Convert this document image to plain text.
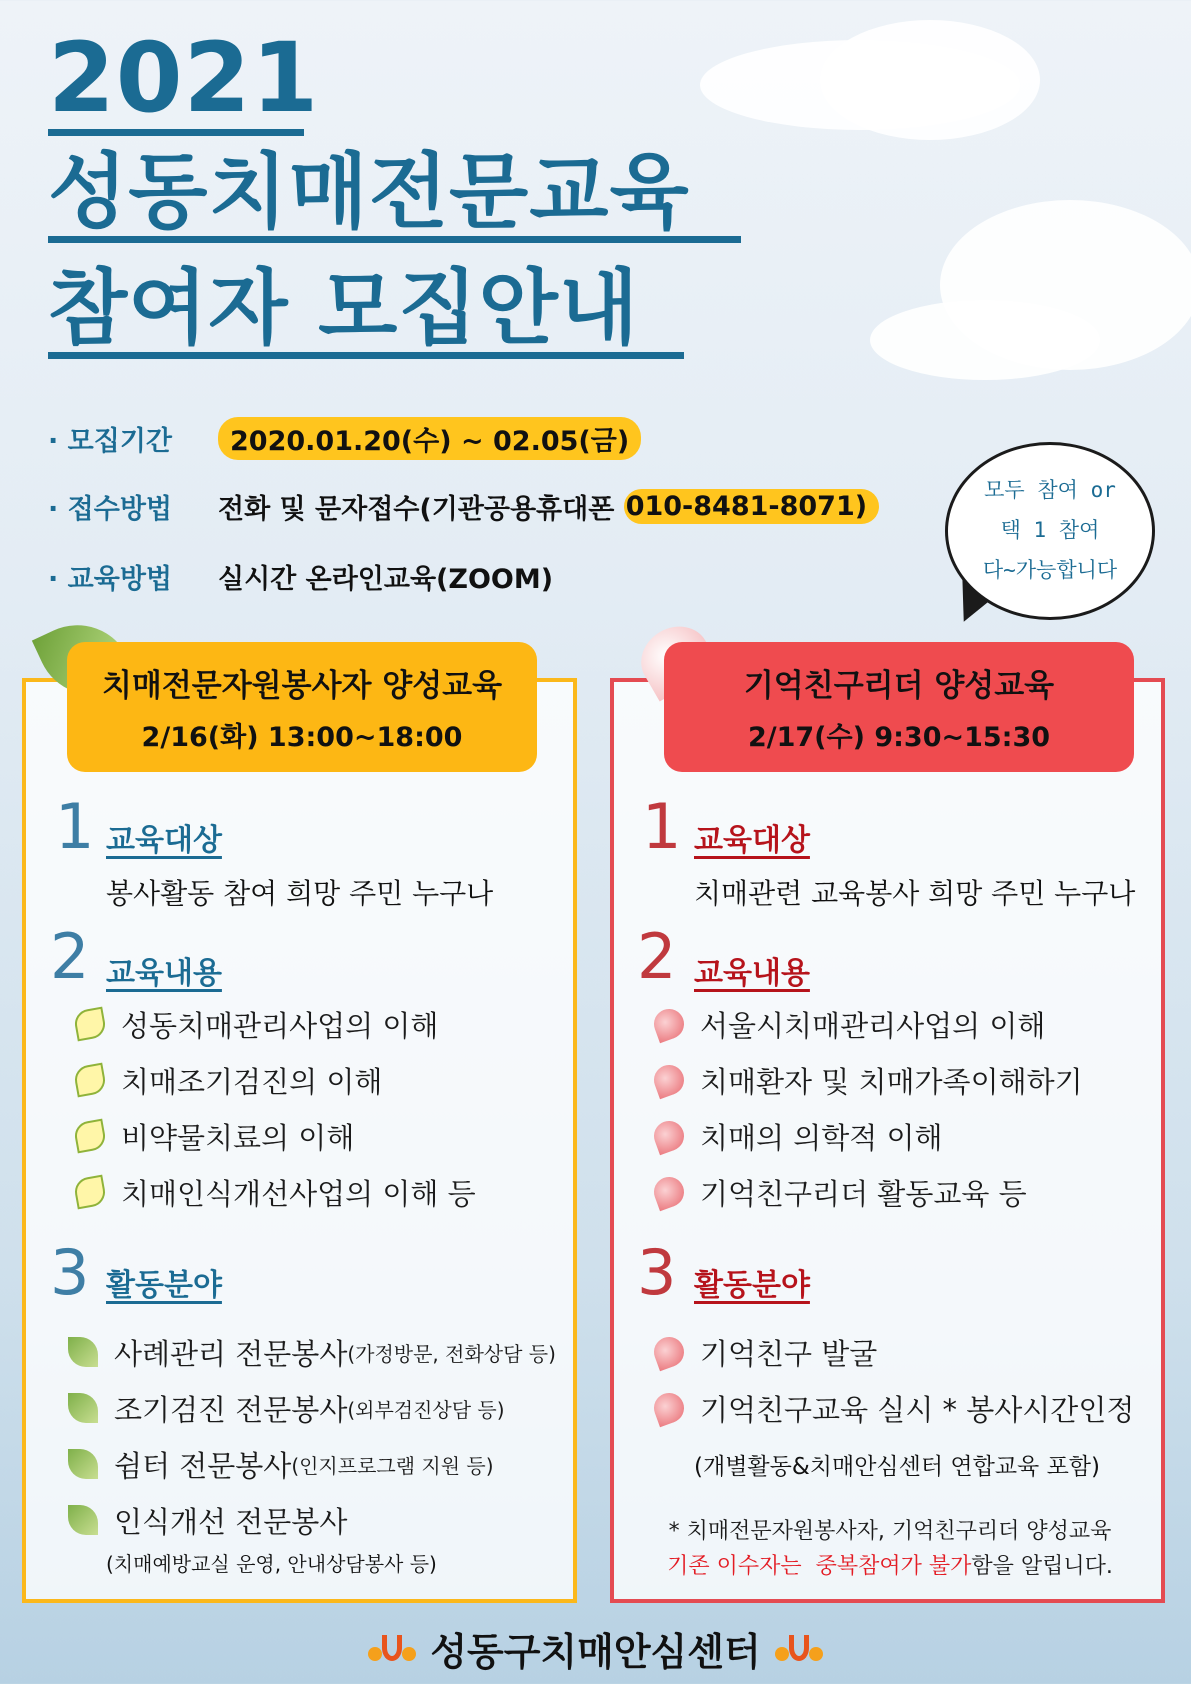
2021
성동치매전문교육
참여자 모집안내
· 모집기간	2020.01.20(수) ~ 02.05(금)
· 접수방법	전화 및 문자접수(기관공용휴대폰 010-8481-8071)
· 교육방법	실시간 온라인교육(ZOOM)
모두 참여 or
택 1 참여
다~가능합니다
치매전문자원봉사자 양성교육
2/16(화) 13:00~18:00
기억친구리더 양성교육
2/17(수) 9:30~15:30
1 교육대상
봉사활동 참여 희망 주민 누구나
2 교육내용
성동치매관리사업의 이해
치매조기검진의 이해
비약물치료의 이해
치매인식개선사업의 이해 등
3 활동분야
사례관리 전문봉사 (가정방문, 전화상담 등)
조기검진 전문봉사 (외부검진상담 등)
쉼터 전문봉사 (인지프로그램 지원 등)
인식개선 전문봉사
(치매예방교실 운영, 안내상담봉사 등)
1 교육대상
치매관련 교육봉사 희망 주민 누구나
2 교육내용
서울시치매관리사업의 이해
치매환자 및 치매가족이해하기
치매의 의학적 이해
기억친구리더 활동교육 등
3 활동분야
기억친구 발굴
기억친구교육 실시 * 봉사시간인정
(개별활동&치매안심센터 연합교육 포함)
* 치매전문자원봉사자, 기억친구리더 양성교육
기존 이수자는 중복참여가 불가함을 알립니다.
성동구치매안심센터
